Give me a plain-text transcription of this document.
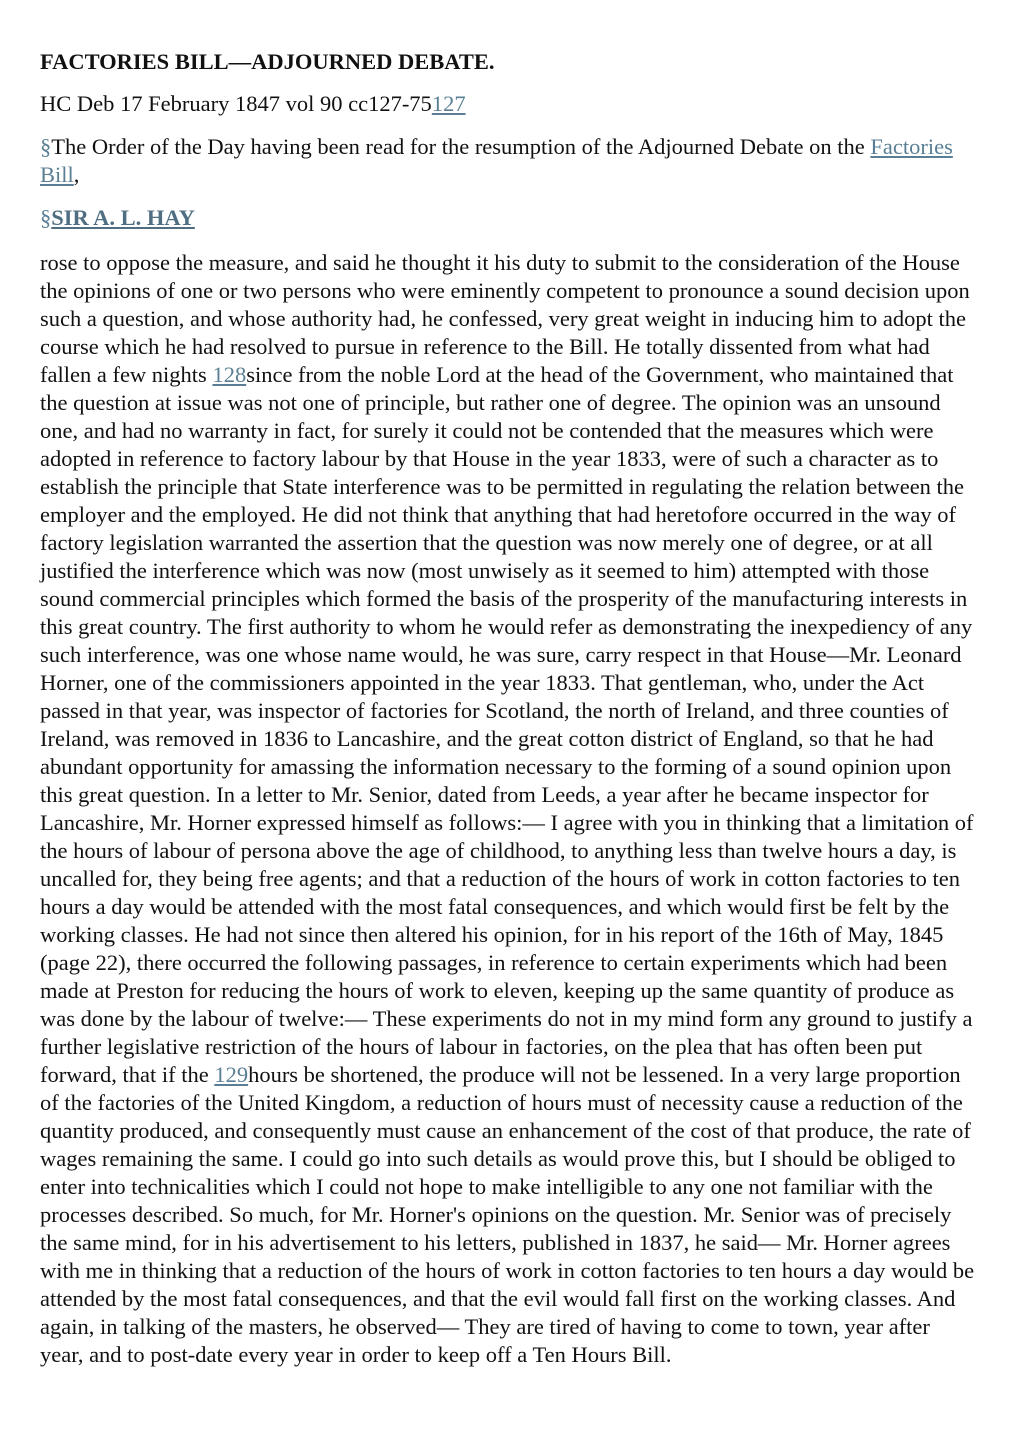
FACTORIES BILL—ADJOURNED DEBATE.
HC Deb 17 February 1847 vol 90 cc127-75127
§The Order of the Day having been read for the resumption of the Adjourned Debate on the Factories Bill,
§SIR A. L. HAY

rose to oppose the measure, and said he thought it his duty to submit to the consideration of the House the opinions of one or two persons who were eminently competent to pronounce a sound decision upon such a question, and whose authority had, he confessed, very great weight in inducing him to adopt the course which he had resolved to pursue in reference to the Bill. He totally dissented from what had fallen a few nights 128since from the noble Lord at the head of the Government, who maintained that the question at issue was not one of principle, but rather one of degree. The opinion was an unsound one, and had no warranty in fact, for surely it could not be contended that the measures which were adopted in reference to factory labour by that House in the year 1833, were of such a character as to establish the principle that State interference was to be permitted in regulating the relation between the employer and the employed. He did not think that anything that had heretofore occurred in the way of factory legislation warranted the assertion that the question was now merely one of degree, or at all justified the interference which was now (most unwisely as it seemed to him) attempted with those sound commercial principles which formed the basis of the prosperity of the manufacturing interests in this great country. The first authority to whom he would refer as demonstrating the inexpediency of any such interference, was one whose name would, he was sure, carry respect in that House—Mr. Leonard Horner, one of the commissioners appointed in the year 1833. That gentleman, who, under the Act passed in that year, was inspector of factories for Scotland, the north of Ireland, and three counties of Ireland, was removed in 1836 to Lancashire, and the great cotton district of England, so that he had abundant opportunity for amassing the information necessary to the forming of a sound opinion upon this great question. In a letter to Mr. Senior, dated from Leeds, a year after he became inspector for Lancashire, Mr. Horner expressed himself as follows:— I agree with you in thinking that a limitation of the hours of labour of persona above the age of childhood, to anything less than twelve hours a day, is uncalled for, they being free agents; and that a reduction of the hours of work in cotton factories to ten hours a day would be attended with the most fatal consequences, and which would first be felt by the working classes. He had not since then altered his opinion, for in his report of the 16th of May, 1845 (page 22), there occurred the following passages, in reference to certain experiments which had been made at Preston for reducing the hours of work to eleven, keeping up the same quantity of produce as was done by the labour of twelve:— These experiments do not in my mind form any ground to justify a further legislative restriction of the hours of labour in factories, on the plea that has often been put forward, that if the 129hours be shortened, the produce will not be lessened. In a very large proportion of the factories of the United Kingdom, a reduction of hours must of necessity cause a reduction of the quantity produced, and consequently must cause an enhancement of the cost of that produce, the rate of wages remaining the same. I could go into such details as would prove this, but I should be obliged to enter into technicalities which I could not hope to make intelligible to any one not familiar with the processes described. So much, for Mr. Horner's opinions on the question. Mr. Senior was of precisely the same mind, for in his advertisement to his letters, published in 1837, he said— Mr. Horner agrees with me in thinking that a reduction of the hours of work in cotton factories to ten hours a day would be attended by the most fatal consequences, and that the evil would fall first on the working classes. And again, in talking of the masters, he observed— They are tired of having to come to town, year after year, and to post-date every year in order to keep off a Ten Hours Bill.
